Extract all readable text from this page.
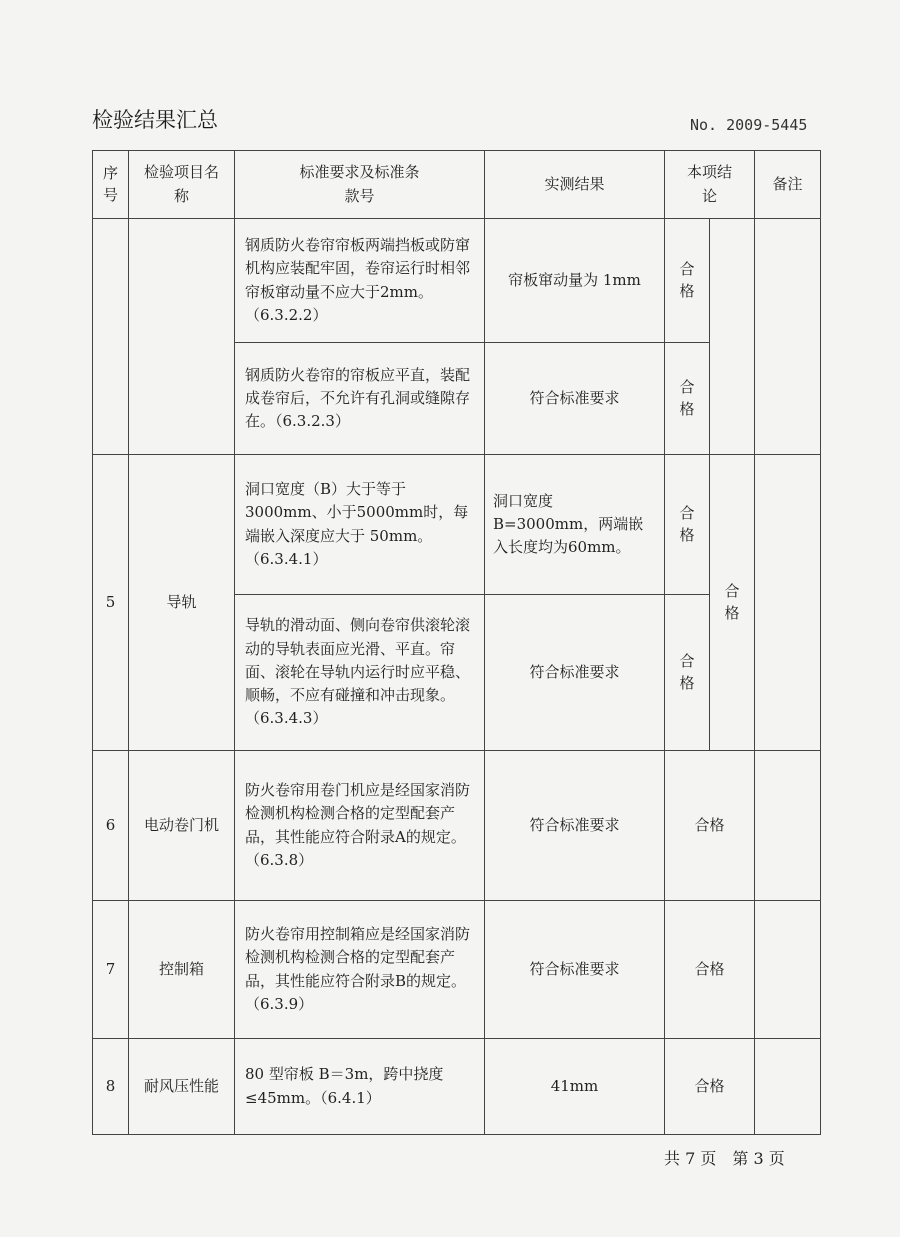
检验结果汇总	No. 2009-5445
序号	检验项目名称	标准要求及标准条款号	实测结果	本项结论		备注
		钢质防火卷帘帘板两端挡板或防窜机构应装配牢固，卷帘运行时相邻帘板窜动量不应大于2mm。（6.3.2.2）	帘板窜动量为 1mm	合格		
		钢质防火卷帘的帘板应平直，装配成卷帘后，不允许有孔洞或缝隙存在。（6.3.2.3）	符合标准要求	合格		
5	导轨	洞口宽度（B）大于等于3000mm、小于5000mm时，每端嵌入深度应大于 50mm。（6.3.4.1）	洞口宽度B=3000mm，两端嵌入长度均为60mm。	合格	合格	
		导轨的滑动面、侧向卷帘供滚轮滚动的导轨表面应光滑、平直。帘面、滚轮在导轨内运行时应平稳、顺畅，不应有碰撞和冲击现象。（6.3.4.3）	符合标准要求	合格		
6	电动卷门机	防火卷帘用卷门机应是经国家消防检测机构检测合格的定型配套产品，其性能应符合附录A的规定。（6.3.8）	符合标准要求	合格		
7	控制箱	防火卷帘用控制箱应是经国家消防检测机构检测合格的定型配套产品，其性能应符合附录B的规定。（6.3.9）	符合标准要求	合格		
8	耐风压性能	80 型帘板 B＝3m，跨中挠度≤45mm。（6.4.1）	41mm	合格		
共 7 页　第 3 页
